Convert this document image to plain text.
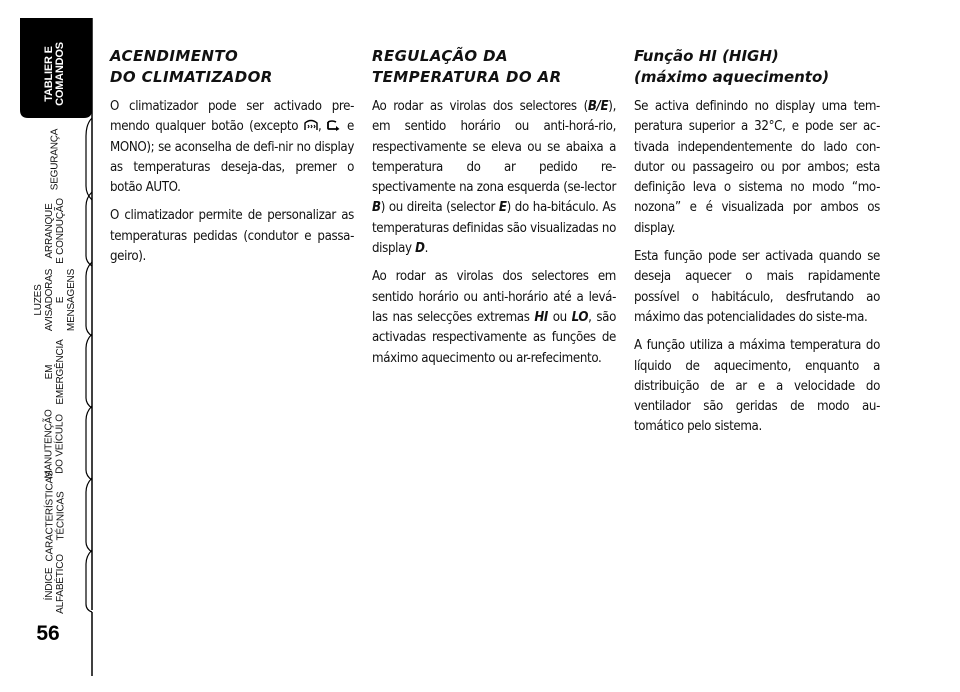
TABLIER E
COMANDOS
SEGURANÇA
ARRANQUE
E CONDUÇÃO
LUZES
AVISADORAS
E MENSAGENS
EM EMERGÊNCIA
MANUTENÇÃO
DO VEÍCULO
CARACTERÍSTICAS
TÉCNICAS
ÍNDICE
ALFABÉTICO
56
ACENDIMENTO
DO CLIMATIZADOR

O climatizador pode ser activado pre-mendo qualquer botão (excepto ,  e MONO); se aconselha de defi-nir no display as temperaturas deseja-das, premer o botão AUTO.

O climatizador permite de personalizar as temperaturas pedidas (condutor e passa-geiro).

REGULAÇÃO DA
TEMPERATURA DO AR

Ao rodar as virolas dos selectores (B/E), em sentido horário ou anti-horá-rio, respectivamente se eleva ou se abaixa a temperatura do ar pedido re-spectivamente na zona esquerda (se-lector B) ou direita (selector E) do ha-bitáculo. As temperaturas definidas são visualizadas no display D.

Ao rodar as virolas dos selectores em sentido horário ou anti-horário até a levá-las nas selecções extremas HI ou LO, são activadas respectivamente as funções de máximo aquecimento ou ar-refecimento.

Função HI (HIGH)
(máximo aquecimento)

Se activa definindo no display uma tem-peratura superior a 32°C, e pode ser ac-tivada independentemente do lado con-dutor ou passageiro ou por ambos; esta definição leva o sistema no modo “mo-nozona” e é visualizada por ambos os display.

Esta função pode ser activada quando se deseja aquecer o mais rapidamente possível o habitáculo, desfrutando ao máximo das potencialidades do siste-ma.

A função utiliza a máxima temperatura do líquido de aquecimento, enquanto a distribuição de ar e a velocidade do ventilador são geridas de modo au-tomático pelo sistema.
